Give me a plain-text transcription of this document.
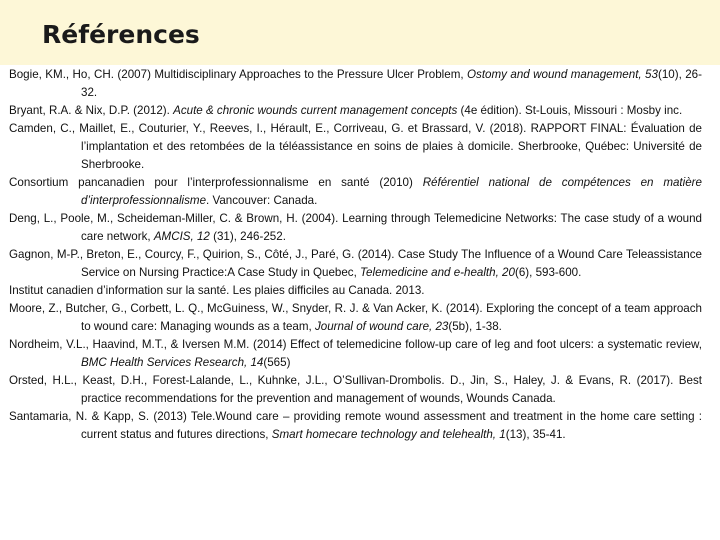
Références

Bogie, KM., Ho, CH. (2007) Multidisciplinary Approaches to the Pressure Ulcer Problem, Ostomy and wound management, 53(10), 26-32.

Bryant, R.A. & Nix, D.P. (2012). Acute & chronic wounds current management concepts (4e édition). St-Louis, Missouri : Mosby inc.

Camden, C., Maillet, E., Couturier, Y., Reeves, I., Hérault, E., Corriveau, G. et Brassard, V. (2018). RAPPORT FINAL: Évaluation de l’implantation et des retombées de la téléassistance en soins de plaies à domicile. Sherbrooke, Québec: Université de Sherbrooke.

Consortium pancanadien pour l’interprofessionnalisme en santé (2010) Référentiel national de compétences en matière d’interprofessionnalisme. Vancouver: Canada.

Deng, L., Poole, M., Scheideman-Miller, C. & Brown, H. (2004). Learning through Telemedicine Networks: The case study of a wound care network, AMCIS, 12 (31), 246-252.

Gagnon, M-P., Breton, E., Courcy, F., Quirion, S., Côté, J., Paré, G. (2014). Case Study The Influence of a Wound Care Teleassistance Service on Nursing Practice:A Case Study in Quebec, Telemedicine and e-health, 20(6), 593-600.

Institut canadien d’information sur la santé. Les plaies difficiles au Canada. 2013.

Moore, Z., Butcher, G., Corbett, L. Q., McGuiness, W., Snyder, R. J. & Van Acker, K. (2014). Exploring the concept of a team approach to wound care: Managing wounds as a team, Journal of wound care, 23(5b), 1-38.

Nordheim, V.L., Haavind, M.T., & Iversen M.M. (2014) Effect of telemedicine follow-up care of leg and foot ulcers: a systematic review, BMC Health Services Research, 14(565)

Orsted, H.L., Keast, D.H., Forest-Lalande, L., Kuhnke, J.L., O’Sullivan-Drombolis. D., Jin, S., Haley, J. & Evans, R. (2017). Best practice recommendations for the prevention and management of wounds, Wounds Canada.

Santamaria, N. & Kapp, S. (2013) Tele.Wound care – providing remote wound assessment and treatment in the home care setting : current status and futures directions, Smart homecare technology and telehealth, 1(13), 35-41.
